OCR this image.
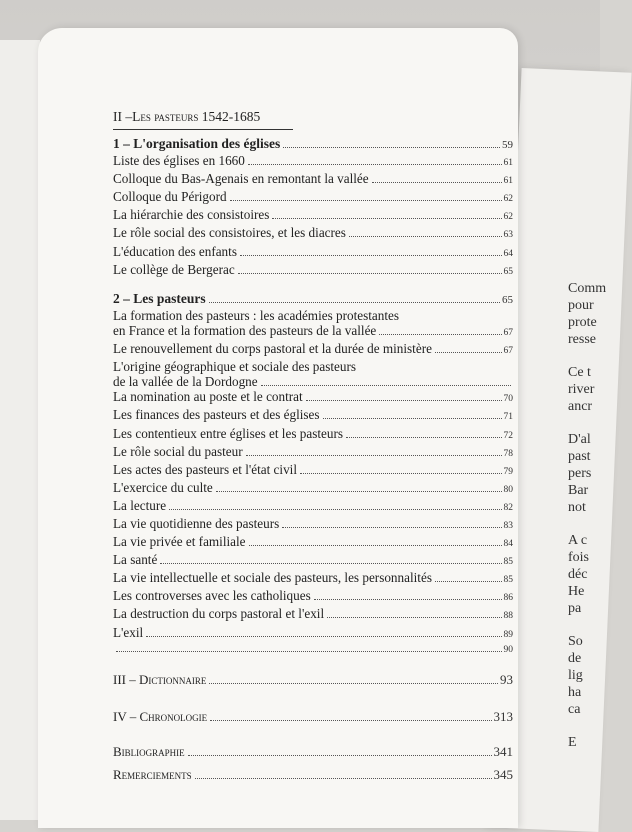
Comm
pour
prote
resse
Ce t
river
ancr
D'al
past
pers
Bar
not
A c
fois
déc
He
pa
So
de
lig
ha
ca
E
II –Les pasteurs 1542-1685
1 – L'organisation des églises	59
Liste des églises en 1660	61
Colloque du Bas-Agenais en remontant la vallée	61
Colloque du Périgord	62
La hiérarchie des consistoires	62
Le rôle social des consistoires, et les diacres	63
L'éducation des enfants	64
Le collège de Bergerac	65
2 – Les pasteurs	65
La formation des pasteurs : les académies protestantes
en France et la formation des pasteurs de la vallée	67
Le renouvellement du corps pastoral et la durée de ministère	67
L'origine géographique et sociale des pasteurs
de la vallée de la Dordogne
La nomination au poste et le contrat	70
Les finances des pasteurs et des églises	71
Les contentieux entre églises et les pasteurs	72
Le rôle social du pasteur	78
Les actes des pasteurs et l'état civil	79
L'exercice du culte	80
La lecture	82
La vie quotidienne des pasteurs	83
La vie privée et familiale	84
La santé	85
La vie intellectuelle et sociale des pasteurs, les personnalités	85
Les controverses avec les catholiques	86
La destruction du corps pastoral et l'exil	88
L'exil	89
90
III – Dictionnaire	93
IV – Chronologie	313
Bibliographie	341
Remerciements	345
